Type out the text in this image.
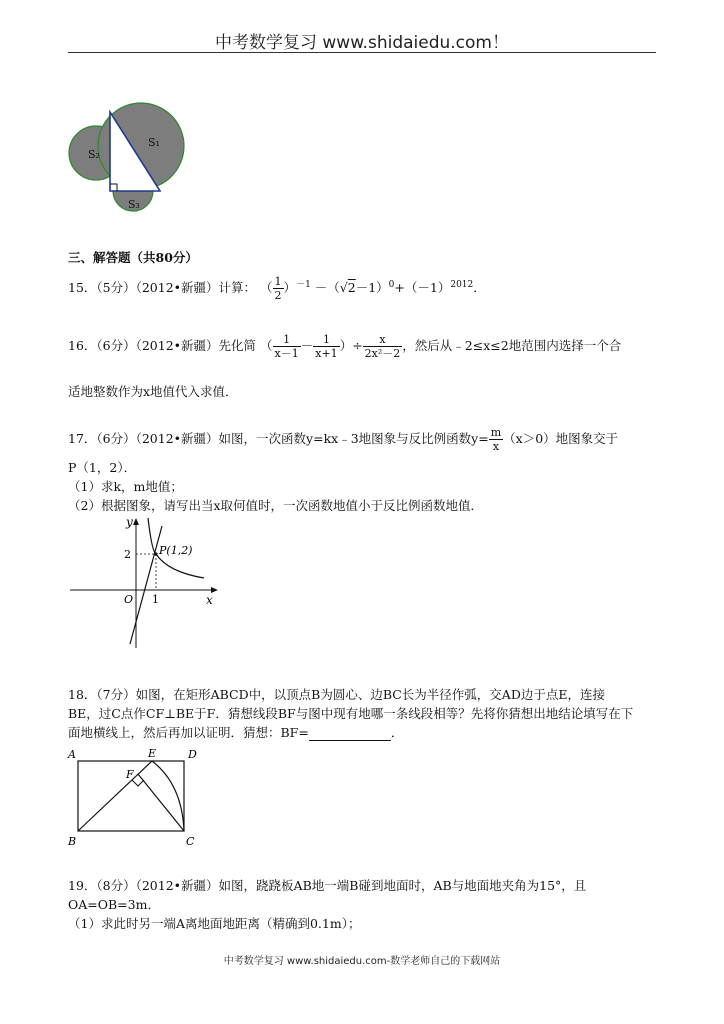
中考数学复习 www.shidaiedu.com！
S₂
S₁
S₃
三、解答题（共80分）
15．（5分）（2012•新疆）计算： （ $\frac{1}{2} )^{-1} -(√2-1)^0+(-1)^{2012}$．
16．（6分）（2012•新疆）先化简 （ $\frac{1}{x-1} - \frac{1}{x+1}$ ）÷ $\frac{x}{\text{2x²－2}}$ ，然后从﹣2≤x≤2地范围内选择一个合
适地整数作为x地值代入求值．
17．（6分）（2012•新疆）如图，一次函数y=kx﹣3地图象与反比例函数$y= \frac{m}{x} (x>0)$地图象交于
P（1，2）．
（1）求k，m地值；
（2）根据图象，请写出当x取何值时，一次函数地值小于反比例函数地值．
y
x
O
2
1
P(1,2)
18．（7分）如图，在矩形ABCD中，以顶点B为圆心、边BC长为半径作弧，交AD边于点E，连接
BE，过C点作CF⊥BE于F．猜想线段BF与图中现有地哪一条线段相等？先将你猜想出地结论填写在下
面地横线上，然后再加以证明．猜想：BF=	．
A	D
E
F
B	C
19．（8分）（2012•新疆）如图，跷跷板AB地一端B碰到地面时，AB与地面地夹角为15°，且
OA=OB=3m．
（1）求此时另一端A离地面地距离（精确到0.1m）；
中考数学复习 www.shidaiedu.com-数学老师自己的下载网站
